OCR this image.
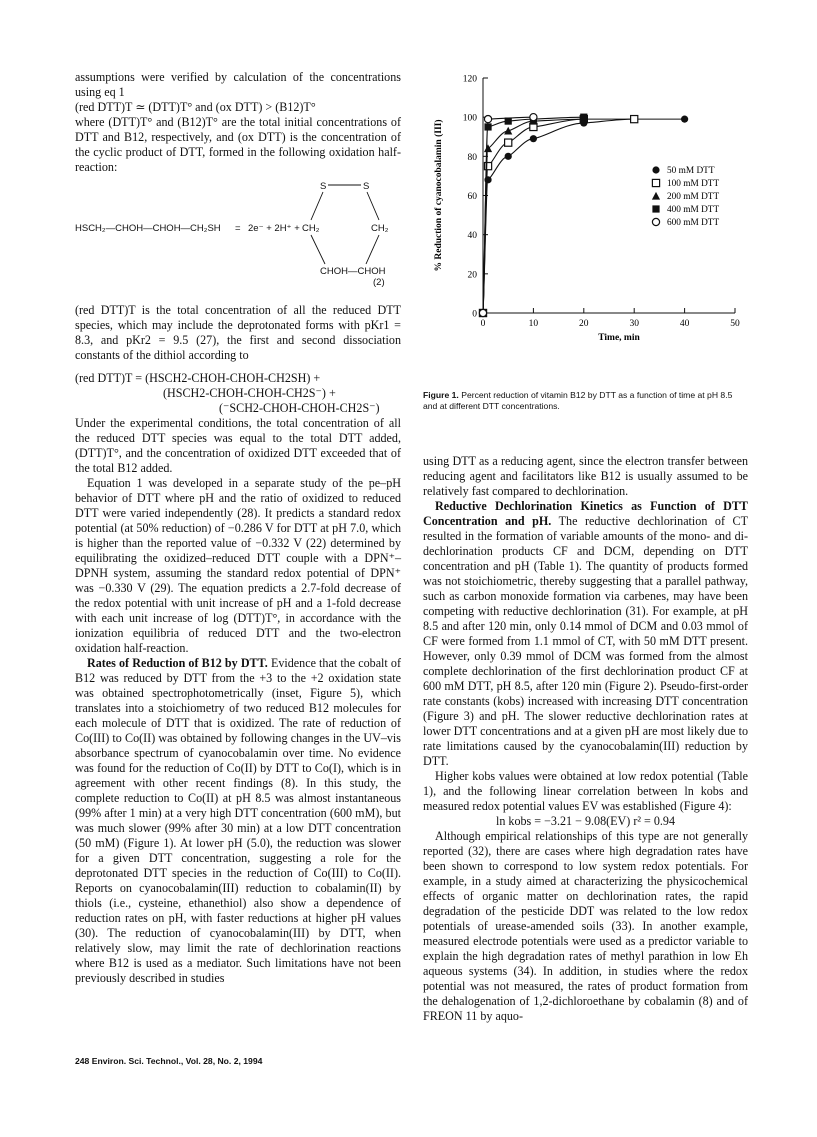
assumptions were verified by calculation of the concentrations using eq 1

(red DTT)T ≃ (DTT)T° and (ox DTT) > (B12)T°

where (DTT)T° and (B12)T° are the total initial concentrations of DTT and B12, respectively, and (ox DTT) is the concentration of the cyclic product of DTT, formed in the following oxidation half-reaction:

HSCH₂—CHOH—CHOH—CH₂SH = 2e⁻ + 2H⁺ +
S	S
CH₂	CH₂
CHOH—CHOH
(2)

(red DTT)T is the total concentration of all the reduced DTT species, which may include the deprotonated forms with pKr1 = 8.3, and pKr2 = 9.5 (27), the first and second dissociation constants of the dithiol according to

(red DTT)T = (HSCH2-CHOH-CHOH-CH2SH) +

(HSCH2-CHOH-CHOH-CH2S⁻) +

(⁻SCH2-CHOH-CHOH-CH2S⁻)

Under the experimental conditions, the total concentration of all the reduced DTT species was equal to the total DTT added, (DTT)T°, and the concentration of oxidized DTT exceeded that of the total B12 added.

Equation 1 was developed in a separate study of the pe–pH behavior of DTT where pH and the ratio of oxidized to reduced DTT were varied independently (28). It predicts a standard redox potential (at 50% reduction) of −0.286 V for DTT at pH 7.0, which is higher than the reported value of −0.332 V (22) determined by equilibrating the oxidized–reduced DTT couple with a DPN⁺–DPNH system, assuming the standard redox potential of DPN⁺ was −0.330 V (29). The equation predicts a 2.7-fold decrease of the redox potential with unit increase of pH and a 1-fold decrease with each unit increase of log (DTT)T°, in accordance with the ionization equilibria of reduced DTT and the two-electron oxidation half-reaction.

Rates of Reduction of B12 by DTT. Evidence that the cobalt of B12 was reduced by DTT from the +3 to the +2 oxidation state was obtained spectrophotometrically (inset, Figure 5), which translates into a stoichiometry of two reduced B12 molecules for each molecule of DTT that is oxidized. The rate of reduction of Co(III) to Co(II) was obtained by following changes in the UV–vis absorbance spectrum of cyanocobalamin over time. No evidence was found for the reduction of Co(II) by DTT to Co(I), which is in agreement with other recent findings (8). In this study, the complete reduction to Co(II) at pH 8.5 was almost instantaneous (99% after 1 min) at a very high DTT concentration (600 mM), but was much slower (99% after 30 min) at a low DTT concentration (50 mM) (Figure 1). At lower pH (5.0), the reduction was slower for a given DTT concentration, suggesting a role for the deprotonated DTT species in the reduction of Co(III) to Co(II). Reports on cyanocobalamin(III) reduction to cobalamin(II) by thiols (i.e., cysteine, ethanethiol) also show a dependence of reduction rates on pH, with faster reductions at higher pH values (30). The reduction of cyanocobalamin(III) by DTT, when relatively slow, may limit the rate of dechlorination reactions where B12 is used as a mediator. Such limitations have not been previously described in studies

0
20
40
60
80
100
120
0	10	20	30	40	50
Time, min
% Reduction of cyanocobalamin (III)	50 mM DTT
100 mM DTT
200 mM DTT
400 mM DTT
600 mM DTT
Figure 1. Percent reduction of vitamin B12 by DTT as a function of time at pH 8.5 and at different DTT concentrations.

using DTT as a reducing agent, since the electron transfer between reducing agent and facilitators like B12 is usually assumed to be relatively fast compared to dechlorination.

Reductive Dechlorination Kinetics as Function of DTT Concentration and pH. The reductive dechlorination of CT resulted in the formation of variable amounts of the mono- and di-dechlorination products CF and DCM, depending on DTT concentration and pH (Table 1). The quantity of products formed was not stoichiometric, thereby suggesting that a parallel pathway, such as carbon monoxide formation via carbenes, may have been competing with reductive dechlorination (31). For example, at pH 8.5 and after 120 min, only 0.14 mmol of DCM and 0.03 mmol of CF were formed from 1.1 mmol of CT, with 50 mM DTT present. However, only 0.39 mmol of DCM was formed from the almost complete dechlorination of the first dechlorination product CF at 600 mM DTT, pH 8.5, after 120 min (Figure 2). Pseudo-first-order rate constants (kobs) increased with increasing DTT concentration (Figure 3) and pH. The slower reductive dechlorination rates at lower DTT concentrations and at a given pH are most likely due to rate limitations caused by the cyanocobalamin(III) reduction by DTT.

Higher kobs values were obtained at low redox potential (Table 1), and the following linear correlation between ln kobs and measured redox potential values EV was established (Figure 4):

ln kobs = −3.21 − 9.08(EV) r² = 0.94

Although empirical relationships of this type are not generally reported (32), there are cases where high degradation rates have been shown to correspond to low system redox potentials. For example, in a study aimed at characterizing the physicochemical effects of organic matter on dechlorination rates, the rapid degradation of the pesticide DDT was related to the low redox potentials of urease-amended soils (33). In another example, measured electrode potentials were used as a predictor variable to explain the high degradation rates of methyl parathion in low Eh aqueous systems (34). In addition, in studies where the redox potential was not measured, the rates of product formation from the dehalogenation of 1,2-dichloroethane by cobalamin (8) and of FREON 11 by aquo-

248 Environ. Sci. Technol., Vol. 28, No. 2, 1994
